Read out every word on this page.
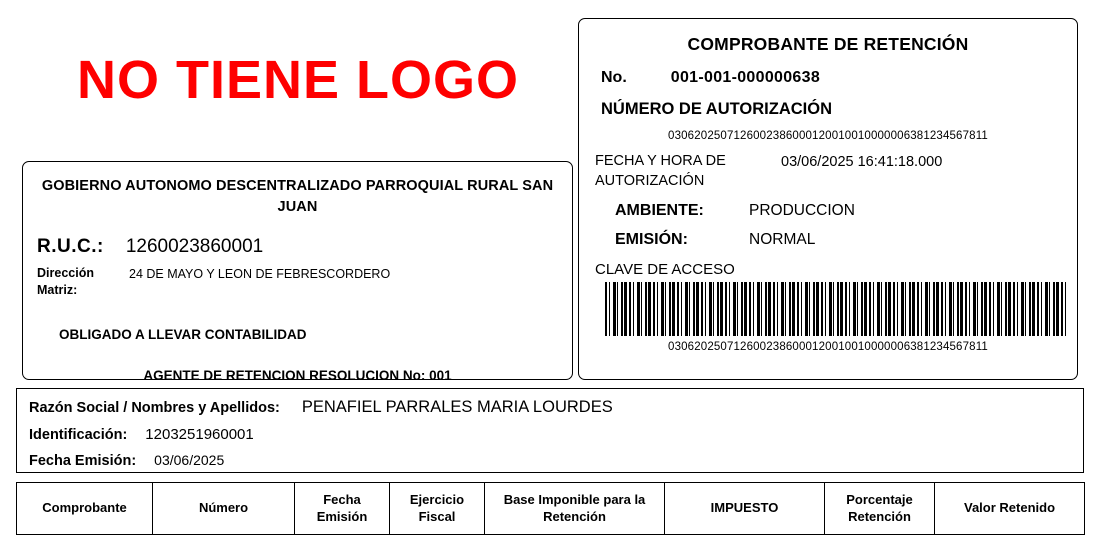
NO TIENE LOGO
GOBIERNO AUTONOMO DESCENTRALIZADO PARROQUIAL RURAL SAN JUAN
R.U.C.: 1260023860001
Dirección Matriz:
24 DE MAYO Y LEON DE FEBRESCORDERO
OBLIGADO A LLEVAR CONTABILIDAD
AGENTE DE RETENCION RESOLUCION No: 001
COMPROBANTE DE RETENCIÓN
No.	001-001-000000638
NÚMERO DE AUTORIZACIÓN
0306202507126002386000120010010000006381234567811
FECHA Y HORA DE AUTORIZACIÓN
03/06/2025 16:41:18.000
AMBIENTE:	PRODUCCION
EMISIÓN:	NORMAL
CLAVE DE ACCESO
0306202507126002386000120010010000006381234567811
Razón Social / Nombres y Apellidos: PENAFIEL PARRALES MARIA LOURDES
Identificación: 1203251960001
Fecha Emisión: 03/06/2025
Comprobante	Número	Fecha Emisión	Ejercicio Fiscal	Base Imponible para la Retención	IMPUESTO	Porcentaje Retención	Valor Retenido
